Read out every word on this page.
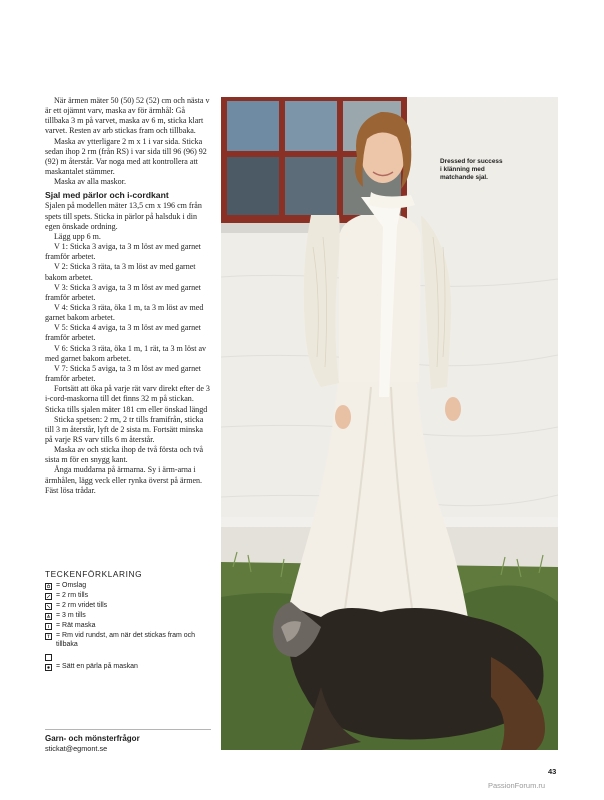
När ärmen mäter 50 (50) 52 (52) cm och nästa v är ett ojämnt varv, maska av för ärmhål: Gå tillbaka 3 m på varvet, maska av 6 m, sticka klart varvet. Resten av arb stickas fram och tillbaka.

Maska av ytterligare 2 m x 1 i var sida. Sticka sedan ihop 2 rm (från RS) i var sida till 96 (96) 92 (92) m återstår. Var noga med att kontrollera att maskantalet stämmer.

Maska av alla maskor.

Sjal med pärlor och i-cordkant

Sjalen på modellen mäter 13,5 cm x 196 cm från spets till spets. Sticka in pärlor på halsduk i din egen önskade ordning.

Lägg upp 6 m.

V 1: Sticka 3 aviga, ta 3 m löst av med garnet framför arbetet.

V 2: Sticka 3 räta, ta 3 m löst av med garnet bakom arbetet.

V 3: Sticka 3 aviga, ta 3 m löst av med garnet framför arbetet.

V 4: Sticka 3 räta, öka 1 m, ta 3 m löst av med garnet bakom arbetet.

V 5: Sticka 4 aviga, ta 3 m löst av med garnet framför arbetet.

V 6: Sticka 3 räta, öka 1 m, 1 rät, ta 3 m löst av med garnet bakom arbetet.

V 7: Sticka 5 aviga, ta 3 m löst av med garnet framför arbetet.

Fortsätt att öka på varje rät varv direkt efter de 3 i-cord-maskorna till det finns 32 m på stickan. Sticka tills sjalen mäter 181 cm eller önskad längd

Sticka spetsen: 2 rm, 2 tr tills framifrån, sticka till 3 m återstår, lyft de 2 sista m. Fortsätt minska på varje RS varv tills 6 m återstår.

Maska av och sticka ihop de två första och två sista m för en snygg kant.

Ånga muddarna på ärmarna. Sy i ärm-arna i ärmhålen, lägg veck eller rynka överst på ärmen. Fäst lösa trådar.

TECKENFÖRKLARING
= Omslag
= 2 rm tills
= 2 rm vridet tills
= 3 m tills
= Rät maska
= Rm vid rundst, am när det stickas fram och tillbaka
= Sätt en pärla på maskan
Garn- och mönsterfrågor
stickat@egmont.se
Dressed for success
i klänning med
matchande sjal.
43
PassionForum.ru
